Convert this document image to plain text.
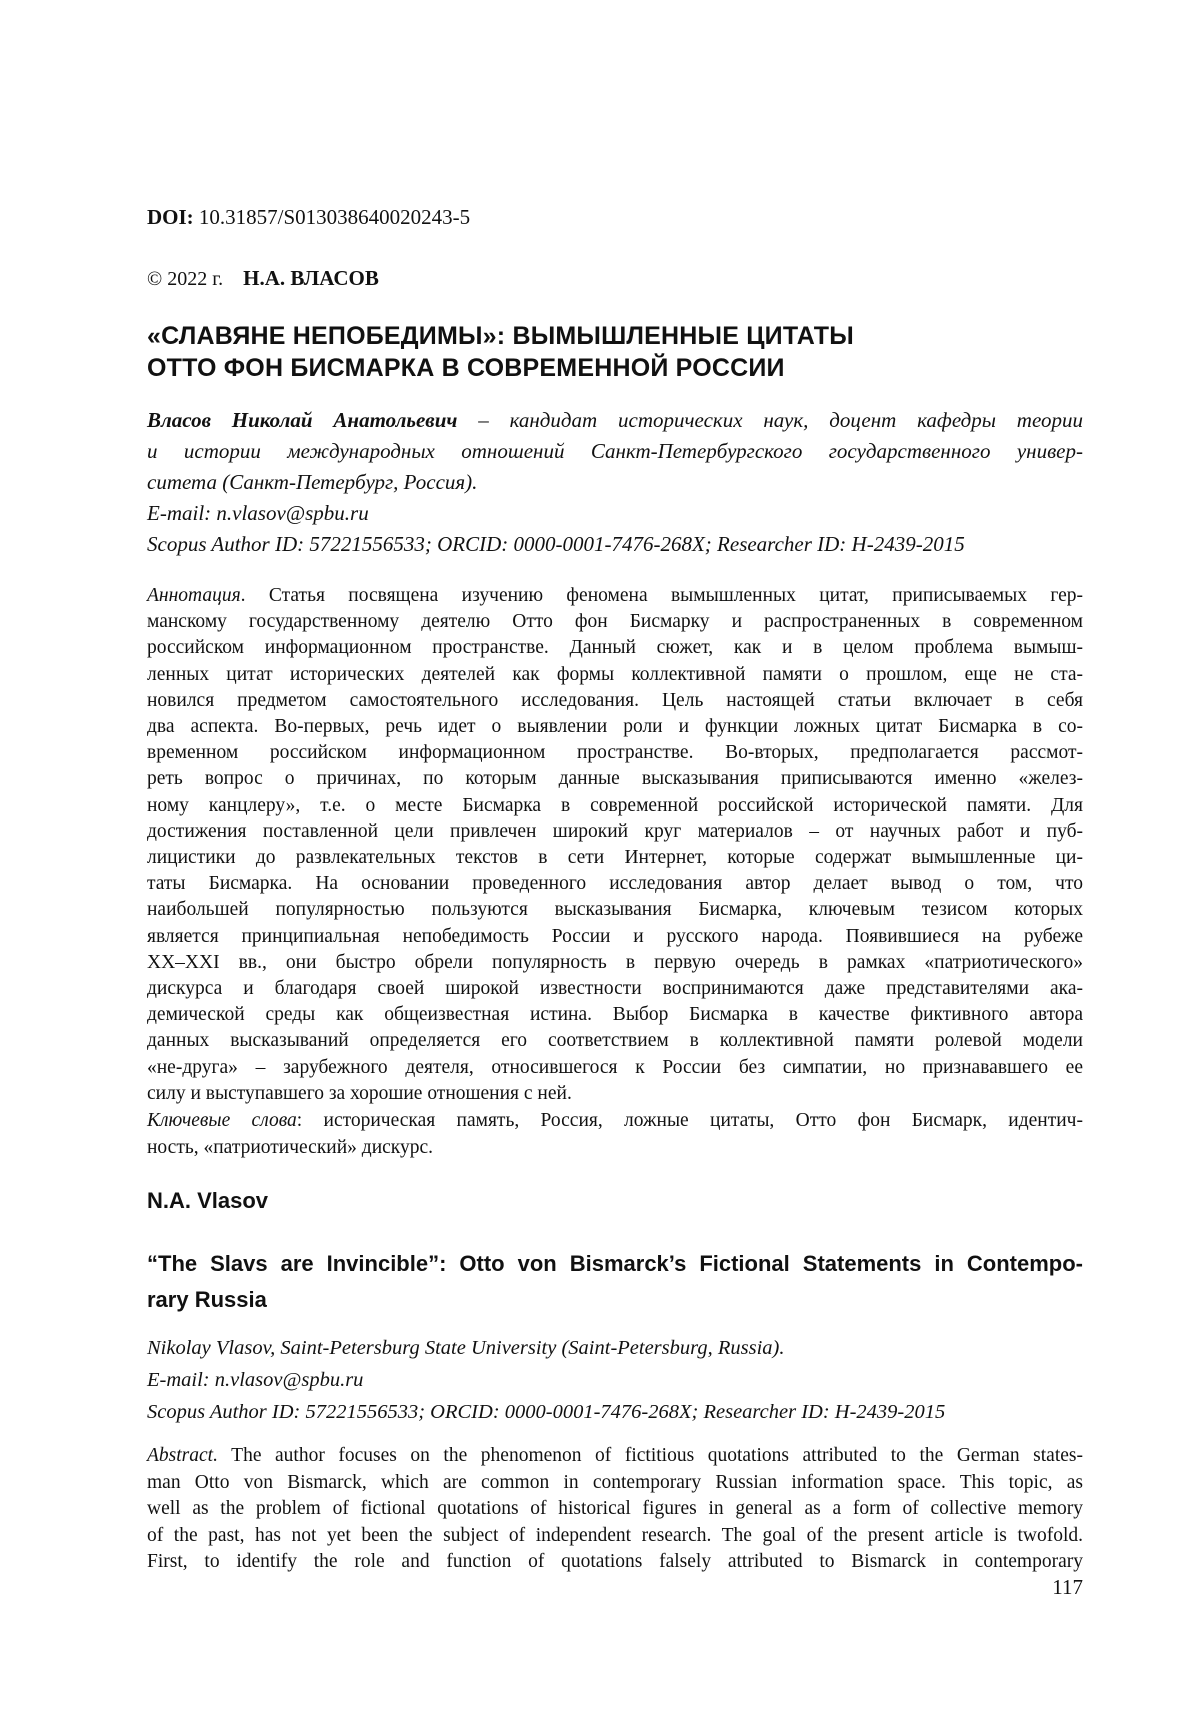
DOI: 10.31857/S013038640020243-5
© 2022 г. Н.А. ВЛАСОВ
«СЛАВЯНЕ НЕПОБЕДИМЫ»: ВЫМЫШЛЕННЫЕ ЦИТАТЫ
ОТТО ФОН БИСМАРКА В СОВРЕМЕННОЙ РОССИИ
Власов Николай Анатольевич – кандидат исторических наук, доцент кафедры теории
и истории международных отношений Санкт-Петербургского государственного универ-
ситета (Санкт-Петербург, Россия).
E-mail: n.vlasov@spbu.ru
Scopus Author ID: 57221556533; ORCID: 0000-0001-7476-268X; Researcher ID: H-2439-2015
Аннотация. Статья посвящена изучению феномена вымышленных цитат, приписываемых гер-
манскому государственному деятелю Отто фон Бисмарку и распространенных в современном
российском информационном пространстве. Данный сюжет, как и в целом проблема вымыш-
ленных цитат исторических деятелей как формы коллективной памяти о прошлом, еще не ста-
новился предметом самостоятельного исследования. Цель настоящей статьи включает в себя
два аспекта. Во-первых, речь идет о выявлении роли и функции ложных цитат Бисмарка в со-
временном российском информационном пространстве. Во-вторых, предполагается рассмот-
реть вопрос о причинах, по которым данные высказывания приписываются именно «желез-
ному канцлеру», т.е. о месте Бисмарка в современной российской исторической памяти. Для
достижения поставленной цели привлечен широкий круг материалов – от научных работ и пуб-
лицистики до развлекательных текстов в сети Интернет, которые содержат вымышленные ци-
таты Бисмарка. На основании проведенного исследования автор делает вывод о том, что
наибольшей популярностью пользуются высказывания Бисмарка, ключевым тезисом которых
является принципиальная непобедимость России и русского народа. Появившиеся на рубеже
XX–XXI вв., они быстро обрели популярность в первую очередь в рамках «патриотического»
дискурса и благодаря своей широкой известности воспринимаются даже представителями ака-
демической среды как общеизвестная истина. Выбор Бисмарка в качестве фиктивного автора
данных высказываний определяется его соответствием в коллективной памяти ролевой модели
«не-друга» – зарубежного деятеля, относившегося к России без симпатии, но признававшего ее
силу и выступавшего за хорошие отношения с ней.
Ключевые слова: историческая память, Россия, ложные цитаты, Отто фон Бисмарк, идентич-
ность, «патриотический» дискурс.
N.A. Vlasov
“The Slavs are Invincible”: Otto von Bismarck’s Fictional Statements in Contempo-
rary Russia
Nikolay Vlasov, Saint-Petersburg State University (Saint-Petersburg, Russia).
E-mail: n.vlasov@spbu.ru
Scopus Author ID: 57221556533; ORCID: 0000-0001-7476-268X; Researcher ID: H-2439-2015
Abstract. The author focuses on the phenomenon of fictitious quotations attributed to the German states-
man Otto von Bismarck, which are common in contemporary Russian information space. This topic, as
well as the problem of fictional quotations of historical figures in general as a form of collective memory
of the past, has not yet been the subject of independent research. The goal of the present article is twofold.
First, to identify the role and function of quotations falsely attributed to Bismarck in contemporary
117
